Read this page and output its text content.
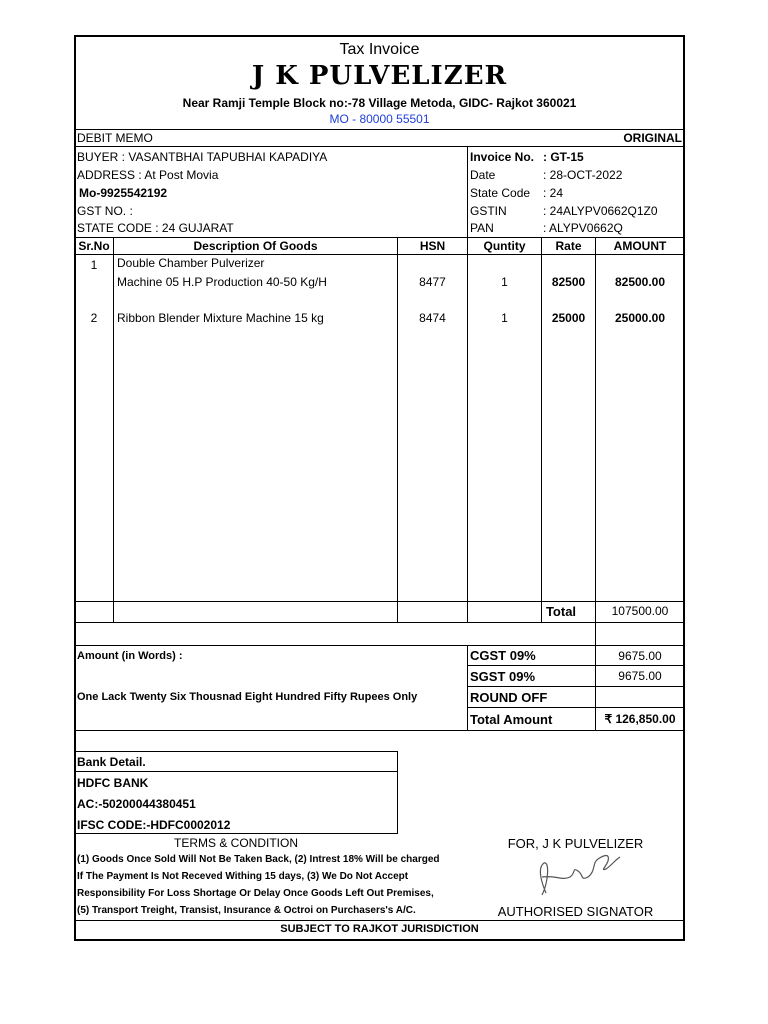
Tax Invoice
J K PULVELIZER
Near Ramji Temple Block no:-78 Village Metoda, GIDC- Rajkot 360021
MO - 80000 55501
DEBIT MEMO	ORIGINAL
BUYER : VASANTBHAI TAPUBHAI KAPADIYA
ADDRESS : At Post Movia
Mo-9925542192
GST NO. :
STATE CODE : 24 GUJARAT
Invoice No. : GT-15
Date	: 28-OCT-2022
State Code : 24
GSTIN	: 24ALYPV0662Q1Z0
PAN	: ALYPV0662Q
Sr.No	Description Of Goods	HSN	Quntity	Rate	AMOUNT
1	Double Chamber Pulverizer
Machine 05 H.P Production 40-50 Kg/H	8477	1	82500	82500.00
2	Ribbon Blender Mixture Machine 15 kg	8474	1	25000	25000.00
Total	107500.00
Amount (in Words) :
One Lack Twenty Six Thousnad Eight Hundred Fifty Rupees Only
CGST 09%	9675.00
SGST 09%	9675.00
ROUND OFF
Total Amount	₹ 126,850.00
Bank Detail.
HDFC BANK
AC:-50200044380451
IFSC CODE:-HDFC0002012
TERMS & CONDITION
(1) Goods Once Sold Will Not Be Taken Back, (2) Intrest 18% Will be charged
If The Payment Is Not Receved Withing 15 days, (3) We Do Not Accept
Responsibility For Loss Shortage Or Delay Once Goods Left Out Premises,
(5) Transport Treight, Transist, Insurance & Octroi on Purchasers's A/C.
FOR, J K PULVELIZER
AUTHORISED SIGNATOR
SUBJECT TO RAJKOT JURISDICTION
